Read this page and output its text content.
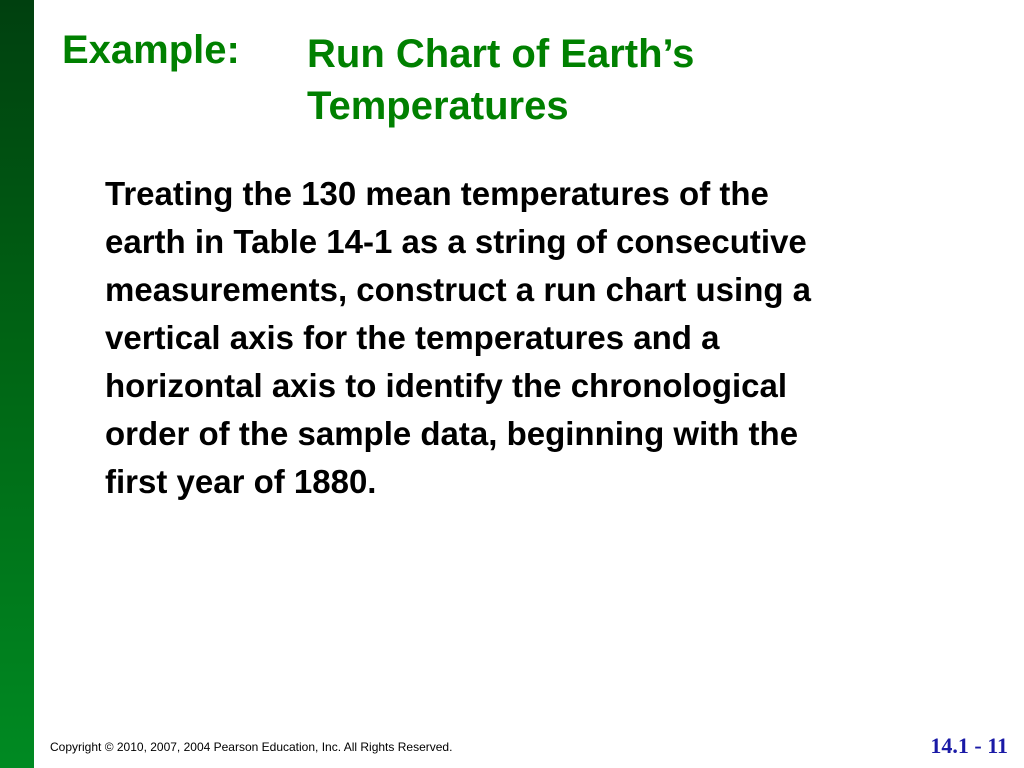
Example: Run Chart of Earth’s
Temperatures
Treating the 130 mean temperatures of the
earth in Table 14-1 as a string of consecutive
measurements, construct a run chart using a
vertical axis for the temperatures and a
horizontal axis to identify the chronological
order of the sample data, beginning with the
first year of 1880.
Copyright © 2010, 2007, 2004 Pearson Education, Inc. All Rights Reserved.	14.1 - 11
